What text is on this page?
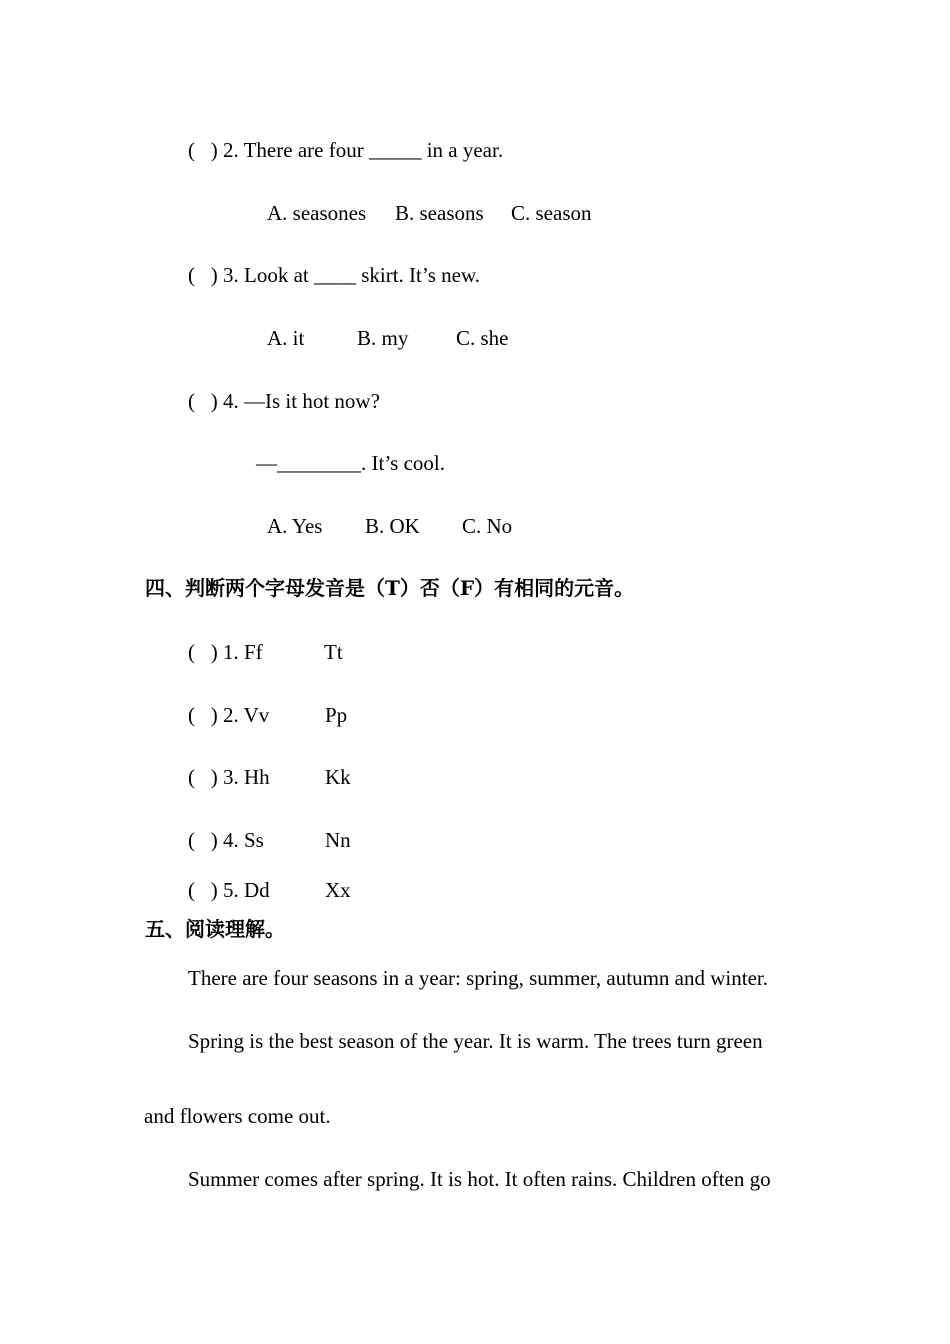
(   ) 2. There are four _____ in a year.
A. seasones B. seasons C. season
(   ) 3. Look at ____ skirt. It’s new.
A. it	B. my C. she
(   ) 4. —Is it hot now?
—________. It’s cool.
A. Yes B. OK C. No
四、判断两个字母发音是（T）否（F）有相同的元音。
(   ) 1. Ff	Tt
(   ) 2. Vv	Pp
(   ) 3. Hh	Kk
(   ) 4. Ss	Nn
(   ) 5. Dd	Xx
五、阅读理解。
There are four seasons in a year: spring, summer, autumn and winter.
Spring is the best season of the year. It is warm. The trees turn green
and flowers come out.
Summer comes after spring. It is hot. It often rains. Children often go
